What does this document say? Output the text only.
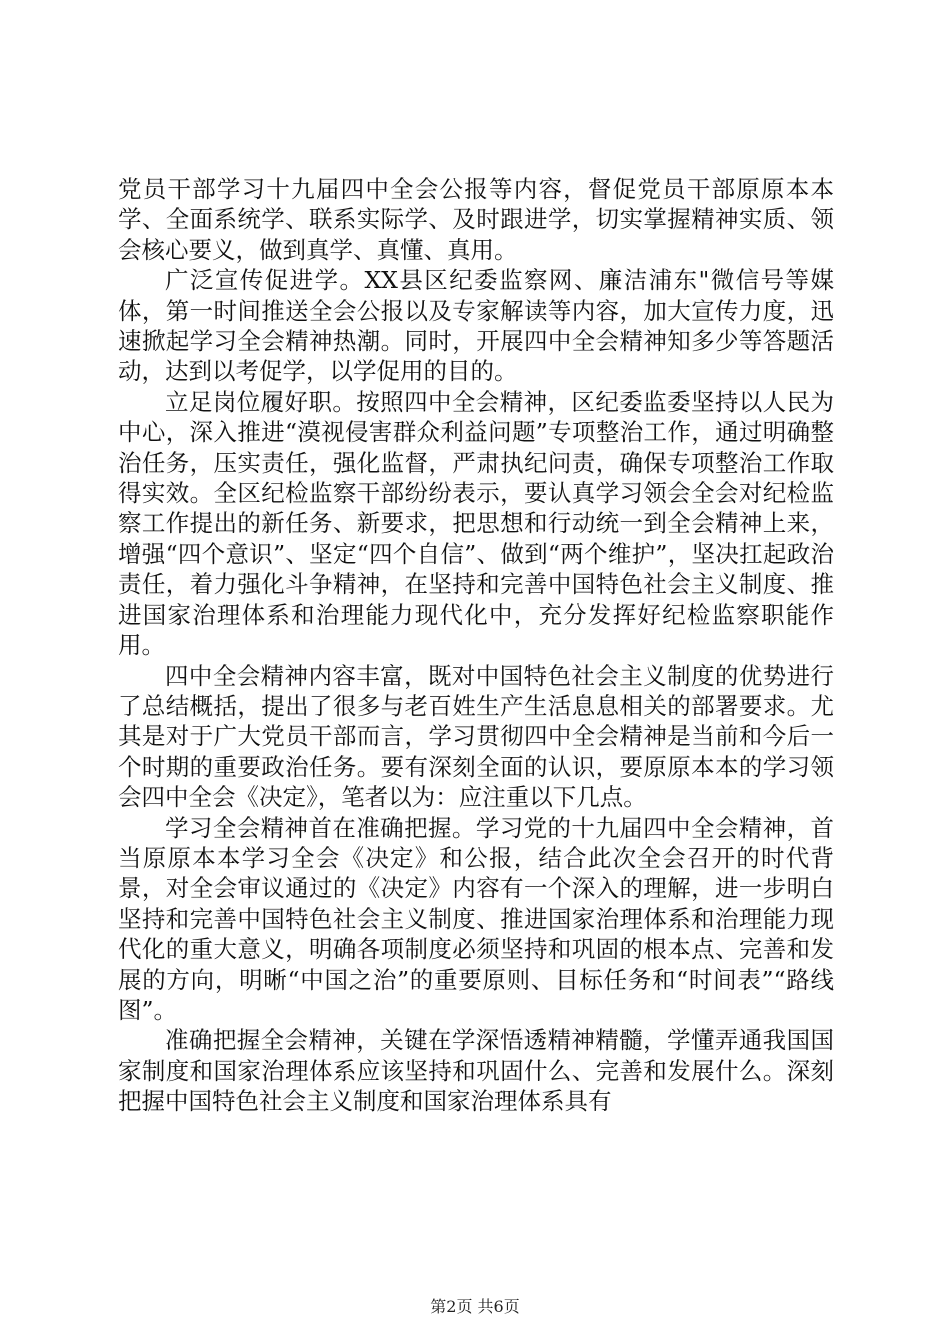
党员干部学习十九届四中全会公报等内容，督促党员干部原原本本学、全面系统学、联系实际学、及时跟进学，切实掌握精神实质、领会核心要义，做到真学、真懂、真用。

广泛宣传促进学。XX县区纪委监察网、廉洁浦东"微信号等媒体，第一时间推送全会公报以及专家解读等内容，加大宣传力度，迅速掀起学习全会精神热潮。同时，开展四中全会精神知多少等答题活动，达到以考促学，以学促用的目的。

立足岗位履好职。按照四中全会精神，区纪委监委坚持以人民为中心，深入推进“漠视侵害群众利益问题”专项整治工作，通过明确整治任务，压实责任，强化监督，严肃执纪问责，确保专项整治工作取得实效。全区纪检监察干部纷纷表示，要认真学习领会全会对纪检监察工作提出的新任务、新要求，把思想和行动统一到全会精神上来，增强“四个意识”、坚定“四个自信”、做到“两个维护”，坚决扛起政治责任，着力强化斗争精神，在坚持和完善中国特色社会主义制度、推进国家治理体系和治理能力现代化中，充分发挥好纪检监察职能作用。

四中全会精神内容丰富，既对中国特色社会主义制度的优势进行了总结概括，提出了很多与老百姓生产生活息息相关的部署要求。尤其是对于广大党员干部而言，学习贯彻四中全会精神是当前和今后一个时期的重要政治任务。要有深刻全面的认识，要原原本本的学习领会四中全会《决定》，笔者以为：应注重以下几点。

学习全会精神首在准确把握。学习党的十九届四中全会精神，首当原原本本学习全会《决定》和公报，结合此次全会召开的时代背景，对全会审议通过的《决定》内容有一个深入的理解，进一步明白坚持和完善中国特色社会主义制度、推进国家治理体系和治理能力现代化的重大意义，明确各项制度必须坚持和巩固的根本点、完善和发展的方向，明晰“中国之治”的重要原则、目标任务和“时间表”“路线图”。

准确把握全会精神，关键在学深悟透精神精髓，学懂弄通我国国家制度和国家治理体系应该坚持和巩固什么、完善和发展什么。深刻把握中国特色社会主义制度和国家治理体系具有

第2页 共6页
